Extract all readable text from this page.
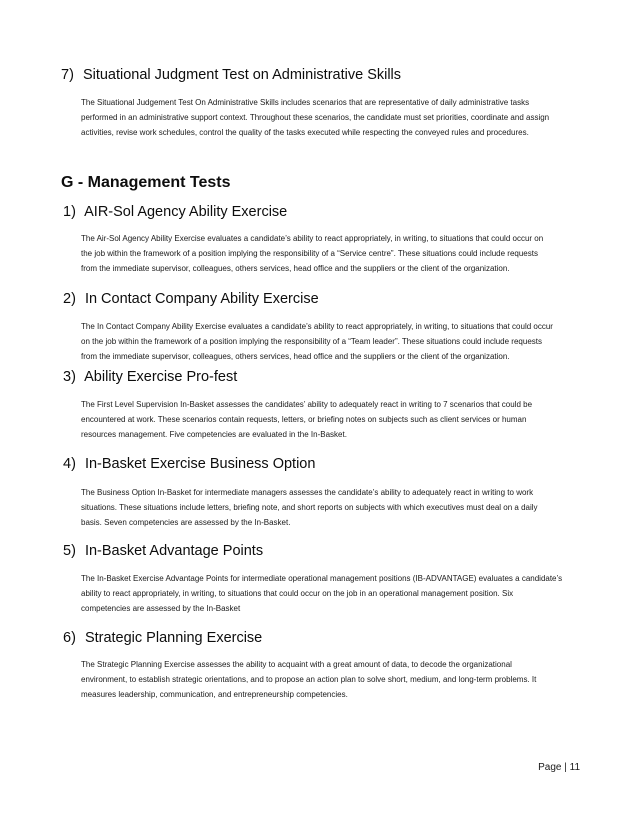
7) Situational Judgment Test on Administrative Skills
The Situational Judgement Test On Administrative Skills includes scenarios that are representative of daily administrative tasks
performed in an administrative support context. Throughout these scenarios, the candidate must set priorities, coordinate and assign
activities, revise work schedules, control the quality of the tasks executed while respecting the conveyed rules and procedures.
G - Management Tests
1) AIR-Sol Agency Ability Exercise
The Air-Sol Agency Ability Exercise evaluates a candidate’s ability to react appropriately, in writing, to situations that could occur on
the job within the framework of a position implying the responsibility of a “Service centre”. These situations could include requests
from the immediate supervisor, colleagues, others services, head office and the suppliers or the client of the organization.
2) In Contact Company Ability Exercise
The In Contact Company Ability Exercise evaluates a candidate’s ability to react appropriately, in writing, to situations that could occur
on the job within the framework of a position implying the responsibility of a “Team leader”. These situations could include requests
from the immediate supervisor, colleagues, others services, head office and the suppliers or the client of the organization.
3) Ability Exercise Pro-fest
The First Level Supervision In-Basket assesses the candidates’ ability to adequately react in writing to 7 scenarios that could be
encountered at work. These scenarios contain requests, letters, or briefing notes on subjects such as client services or human
resources management. Five competencies are evaluated in the In-Basket.
4) In-Basket Exercise Business Option
The Business Option In-Basket for intermediate managers assesses the candidate’s ability to adequately react in writing to work
situations. These situations include letters, briefing note, and short reports on subjects with which executives must deal on a daily
basis. Seven competencies are assessed by the In-Basket.
5) In-Basket Advantage Points
The In-Basket Exercise Advantage Points for intermediate operational management positions (IB-ADVANTAGE) evaluates a candidate’s
ability to react appropriately, in writing, to situations that could occur on the job in an operational management position. Six
competencies are assessed by the In-Basket
6) Strategic Planning Exercise
The Strategic Planning Exercise assesses the ability to acquaint with a great amount of data, to decode the organizational
environment, to establish strategic orientations, and to propose an action plan to solve short, medium, and long-term problems. It
measures leadership, communication, and entrepreneurship competencies.
Page | 11
